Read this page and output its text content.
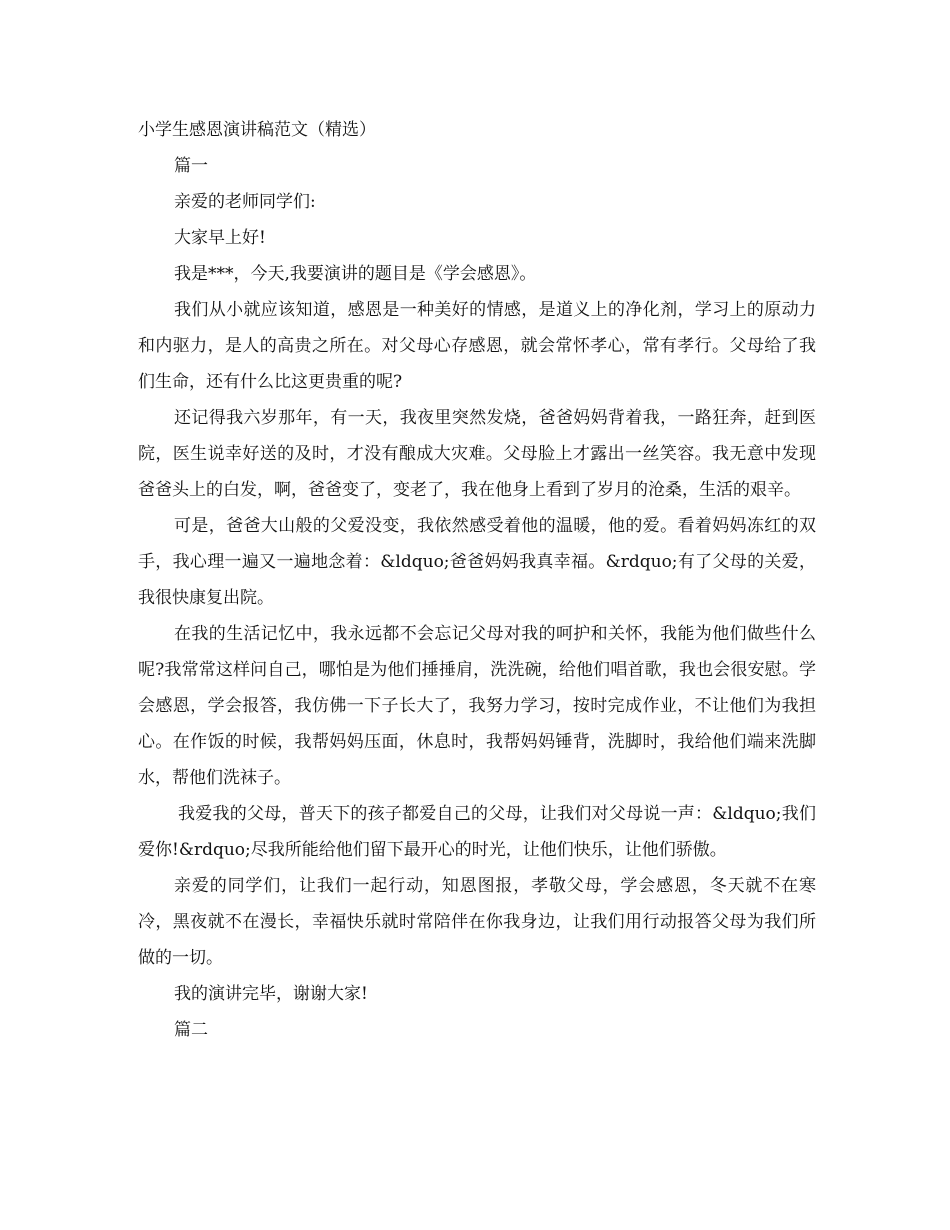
小学生感恩演讲稿范文（精选）

篇一

亲爱的老师同学们:

大家早上好!

我是***，今天,我要演讲的题目是《学会感恩》。

我们从小就应该知道，感恩是一种美好的情感，是道义上的净化剂，学习上的原动力和内驱力，是人的高贵之所在。对父母心存感恩，就会常怀孝心，常有孝行。父母给了我们生命，还有什么比这更贵重的呢?

还记得我六岁那年，有一天，我夜里突然发烧，爸爸妈妈背着我，一路狂奔，赶到医院，医生说幸好送的及时，才没有酿成大灾难。父母脸上才露出一丝笑容。我无意中发现爸爸头上的白发，啊，爸爸变了，变老了，我在他身上看到了岁月的沧桑，生活的艰辛。

可是，爸爸大山般的父爱没变，我依然感受着他的温暖，他的爱。看着妈妈冻红的双手，我心理一遍又一遍地念着：&ldquo;爸爸妈妈我真幸福。&rdquo;有了父母的关爱，我很快康复出院。

在我的生活记忆中，我永远都不会忘记父母对我的呵护和关怀，我能为他们做些什么呢?我常常这样问自己，哪怕是为他们捶捶肩，洗洗碗，给他们唱首歌，我也会很安慰。学会感恩，学会报答，我仿佛一下子长大了，我努力学习，按时完成作业，不让他们为我担心。在作饭的时候，我帮妈妈压面，休息时，我帮妈妈锤背，洗脚时，我给他们端来洗脚水，帮他们洗袜子。

我爱我的父母，普天下的孩子都爱自己的父母，让我们对父母说一声：&ldquo;我们爱你!&rdquo;尽我所能给他们留下最开心的时光，让他们快乐，让他们骄傲。

亲爱的同学们，让我们一起行动，知恩图报，孝敬父母，学会感恩，冬天就不在寒冷，黑夜就不在漫长，幸福快乐就时常陪伴在你我身边，让我们用行动报答父母为我们所做的一切。

我的演讲完毕，谢谢大家!

篇二
